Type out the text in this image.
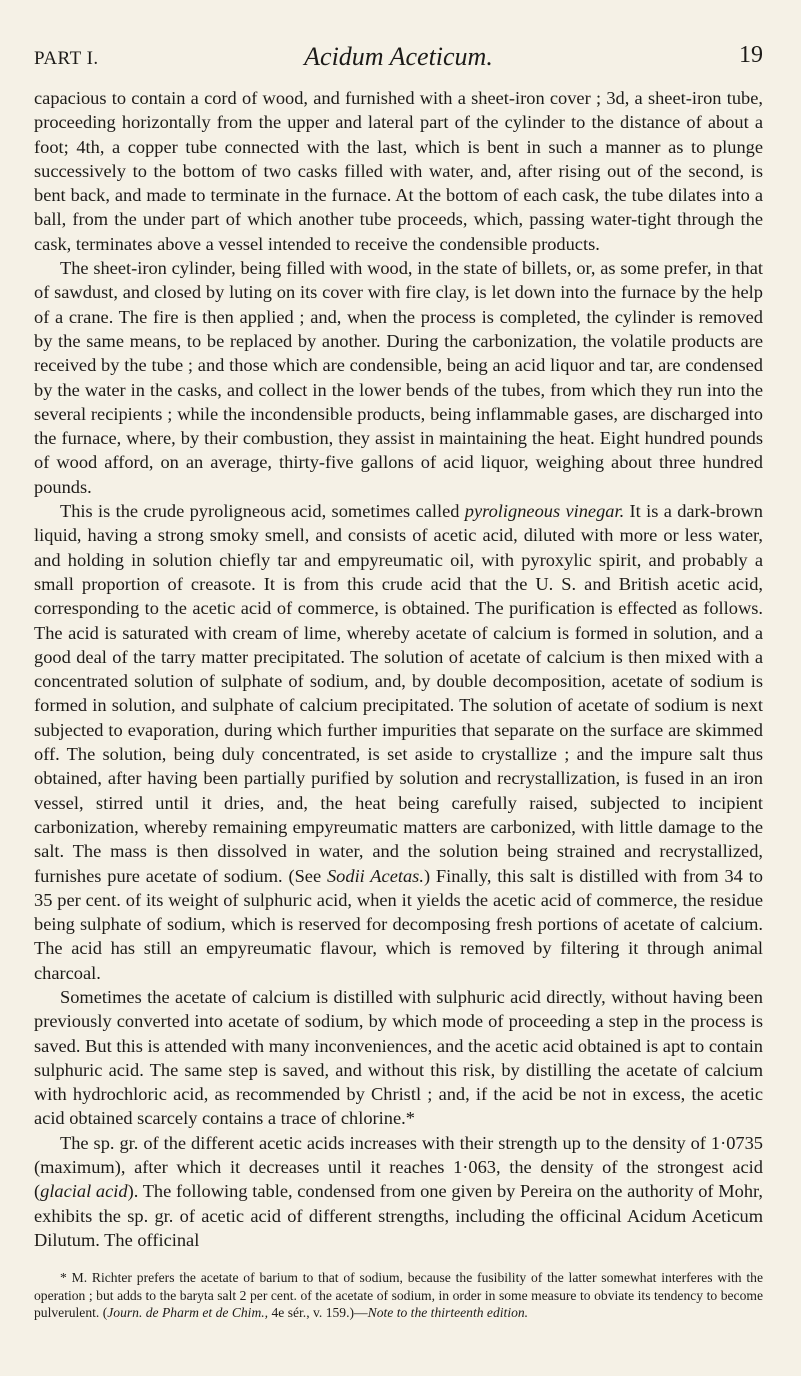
PART I.	Acidum Aceticum.	19

capacious to contain a cord of wood, and furnished with a sheet-iron cover ; 3d, a sheet-iron tube, proceeding horizontally from the upper and lateral part of the cylinder to the distance of about a foot; 4th, a copper tube connected with the last, which is bent in such a manner as to plunge successively to the bottom of two casks filled with water, and, after rising out of the second, is bent back, and made to terminate in the furnace. At the bottom of each cask, the tube dilates into a ball, from the under part of which another tube proceeds, which, passing water-tight through the cask, terminates above a vessel intended to receive the condensible products.

The sheet-iron cylinder, being filled with wood, in the state of billets, or, as some prefer, in that of sawdust, and closed by luting on its cover with fire clay, is let down into the furnace by the help of a crane. The fire is then applied ; and, when the process is completed, the cylinder is removed by the same means, to be replaced by another. During the carbonization, the volatile products are received by the tube ; and those which are condensible, being an acid liquor and tar, are condensed by the water in the casks, and collect in the lower bends of the tubes, from which they run into the several recipients ; while the incondensible products, being inflammable gases, are discharged into the furnace, where, by their combustion, they assist in maintaining the heat. Eight hundred pounds of wood afford, on an average, thirty-five gallons of acid liquor, weighing about three hundred pounds.

This is the crude pyroligneous acid, sometimes called pyroligneous vinegar. It is a dark-brown liquid, having a strong smoky smell, and consists of acetic acid, diluted with more or less water, and holding in solution chiefly tar and empyreumatic oil, with pyroxylic spirit, and probably a small proportion of creasote. It is from this crude acid that the U. S. and British acetic acid, corresponding to the acetic acid of commerce, is obtained. The purification is effected as follows. The acid is saturated with cream of lime, whereby acetate of calcium is formed in solution, and a good deal of the tarry matter precipitated. The solution of acetate of calcium is then mixed with a concentrated solution of sulphate of sodium, and, by double decomposition, acetate of sodium is formed in solution, and sulphate of calcium precipitated. The solution of acetate of sodium is next subjected to evaporation, during which further impurities that separate on the surface are skimmed off. The solution, being duly concentrated, is set aside to crystallize ; and the impure salt thus obtained, after having been partially purified by solution and recrystallization, is fused in an iron vessel, stirred until it dries, and, the heat being carefully raised, subjected to incipient carbonization, whereby remaining empyreumatic matters are carbonized, with little damage to the salt. The mass is then dissolved in water, and the solution being strained and recrystallized, furnishes pure acetate of sodium. (See Sodii Acetas.) Finally, this salt is distilled with from 34 to 35 per cent. of its weight of sulphuric acid, when it yields the acetic acid of commerce, the residue being sulphate of sodium, which is reserved for decomposing fresh portions of acetate of calcium. The acid has still an empyreumatic flavour, which is removed by filtering it through animal charcoal.

Sometimes the acetate of calcium is distilled with sulphuric acid directly, without having been previously converted into acetate of sodium, by which mode of proceeding a step in the process is saved. But this is attended with many inconveniences, and the acetic acid obtained is apt to contain sulphuric acid. The same step is saved, and without this risk, by distilling the acetate of calcium with hydrochloric acid, as recommended by Christl ; and, if the acid be not in excess, the acetic acid obtained scarcely contains a trace of chlorine.*

The sp. gr. of the different acetic acids increases with their strength up to the density of 1·0735 (maximum), after which it decreases until it reaches 1·063, the density of the strongest acid (glacial acid). The following table, condensed from one given by Pereira on the authority of Mohr, exhibits the sp. gr. of acetic acid of different strengths, including the officinal Acidum Aceticum Dilutum. The officinal

* M. Richter prefers the acetate of barium to that of sodium, because the fusibility of the latter somewhat interferes with the operation ; but adds to the baryta salt 2 per cent. of the acetate of sodium, in order in some measure to obviate its tendency to become pulverulent. (Journ. de Pharm et de Chim., 4e sér., v. 159.)—Note to the thirteenth edition.
